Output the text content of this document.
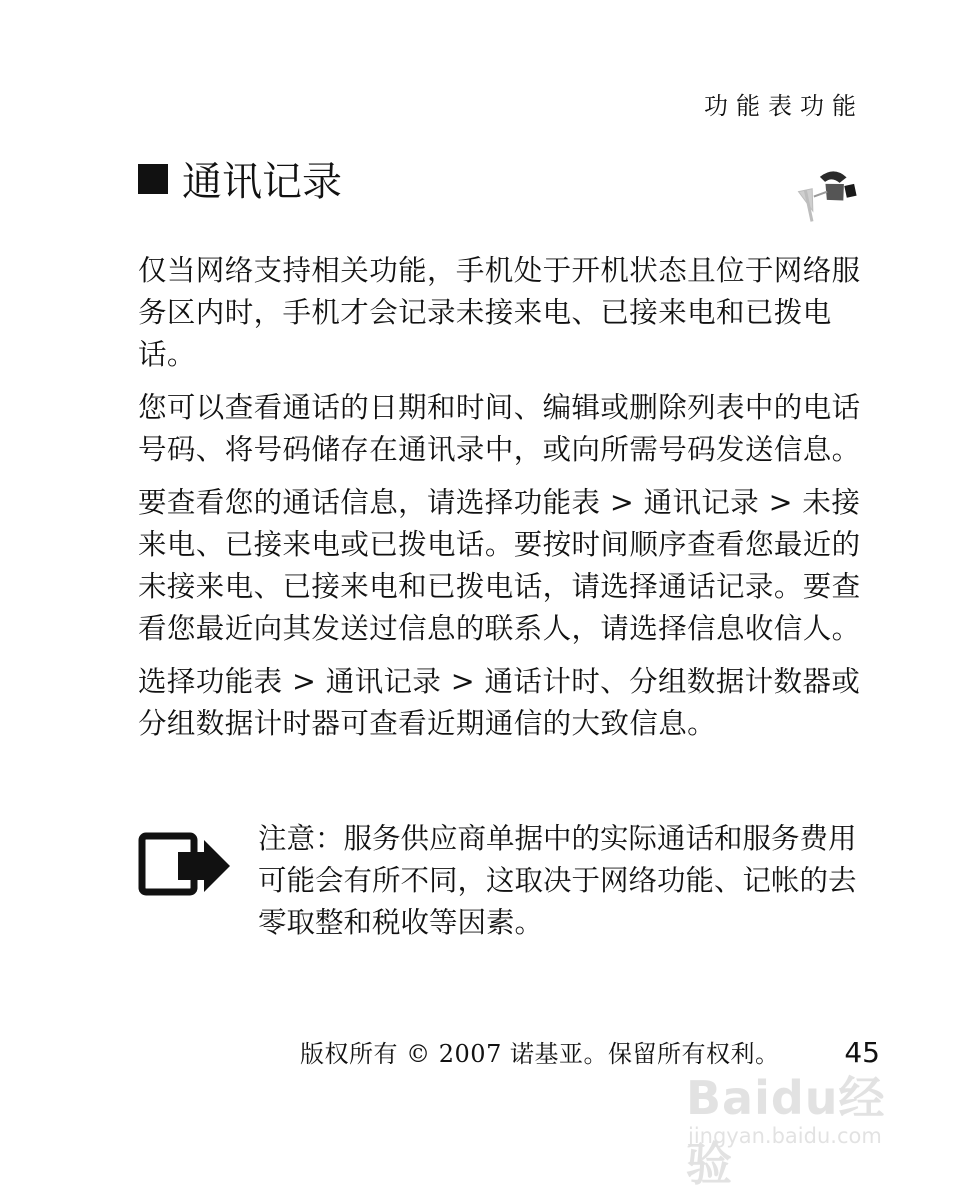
功能表功能
通讯记录

仅当网络支持相关功能，手机处于开机状态且位于网络服务区内时，手机才会记录未接来电、已接来电和已拨电话。

您可以查看通话的日期和时间、编辑或删除列表中的电话号码、将号码储存在通讯录中，或向所需号码发送信息。

要查看您的通话信息，请选择功能表 > 通讯记录 > 未接来电、已接来电或已拨电话。要按时间顺序查看您最近的未接来电、已接来电和已拨电话，请选择通话记录。要查看您最近向其发送过信息的联系人，请选择信息收信人。

选择功能表 > 通讯记录 > 通话计时、分组数据计数器或分组数据计时器可查看近期通信的大致信息。

注意：服务供应商单据中的实际通话和服务费用可能会有所不同，这取决于网络功能、记帐的去零取整和税收等因素。
版权所有 © 2007 诺基亚。保留所有权利。 45
Baidu经验
jingyan.baidu.com
